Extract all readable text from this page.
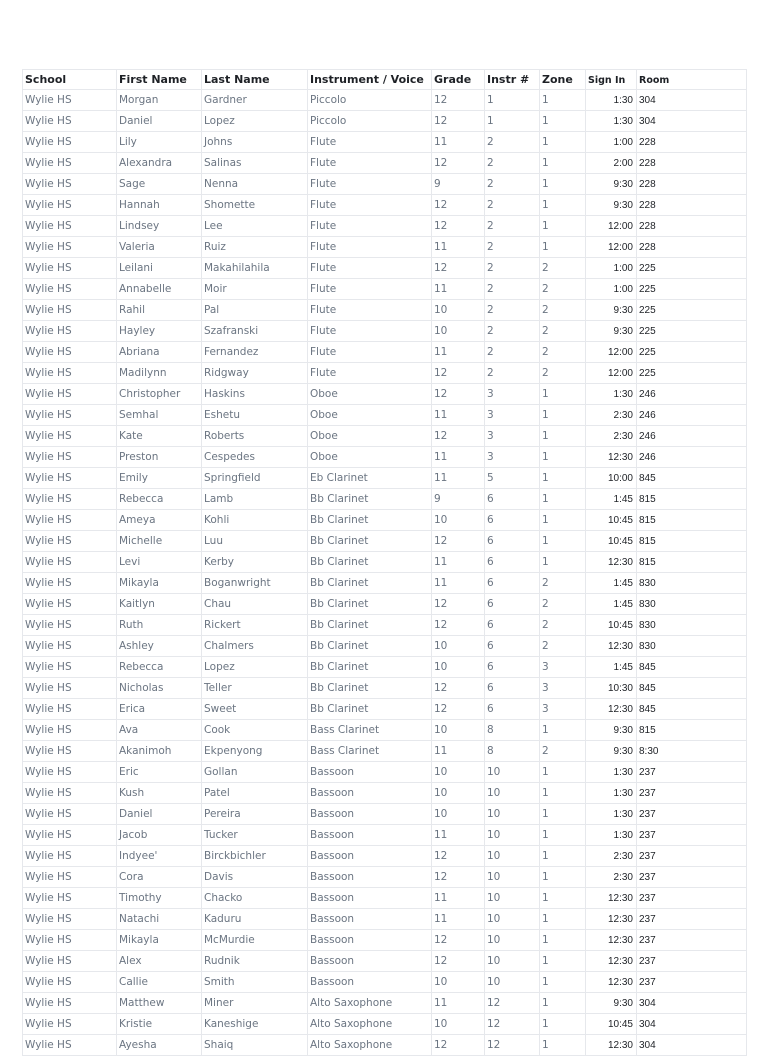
School	First Name	Last Name	Instrument / Voice	Grade	Instr #	Zone	Sign In	Room
Wylie HS	Morgan	Gardner	Piccolo	12	1	1	1:30	304
Wylie HS	Daniel	Lopez	Piccolo	12	1	1	1:30	304
Wylie HS	Lily	Johns	Flute	11	2	1	1:00	228
Wylie HS	Alexandra	Salinas	Flute	12	2	1	2:00	228
Wylie HS	Sage	Nenna	Flute	9	2	1	9:30	228
Wylie HS	Hannah	Shomette	Flute	12	2	1	9:30	228
Wylie HS	Lindsey	Lee	Flute	12	2	1	12:00	228
Wylie HS	Valeria	Ruiz	Flute	11	2	1	12:00	228
Wylie HS	Leilani	Makahilahila	Flute	12	2	2	1:00	225
Wylie HS	Annabelle	Moir	Flute	11	2	2	1:00	225
Wylie HS	Rahil	Pal	Flute	10	2	2	9:30	225
Wylie HS	Hayley	Szafranski	Flute	10	2	2	9:30	225
Wylie HS	Abriana	Fernandez	Flute	11	2	2	12:00	225
Wylie HS	Madilynn	Ridgway	Flute	12	2	2	12:00	225
Wylie HS	Christopher	Haskins	Oboe	12	3	1	1:30	246
Wylie HS	Semhal	Eshetu	Oboe	11	3	1	2:30	246
Wylie HS	Kate	Roberts	Oboe	12	3	1	2:30	246
Wylie HS	Preston	Cespedes	Oboe	11	3	1	12:30	246
Wylie HS	Emily	Springfield	Eb Clarinet	11	5	1	10:00	845
Wylie HS	Rebecca	Lamb	Bb Clarinet	9	6	1	1:45	815
Wylie HS	Ameya	Kohli	Bb Clarinet	10	6	1	10:45	815
Wylie HS	Michelle	Luu	Bb Clarinet	12	6	1	10:45	815
Wylie HS	Levi	Kerby	Bb Clarinet	11	6	1	12:30	815
Wylie HS	Mikayla	Boganwright	Bb Clarinet	11	6	2	1:45	830
Wylie HS	Kaitlyn	Chau	Bb Clarinet	12	6	2	1:45	830
Wylie HS	Ruth	Rickert	Bb Clarinet	12	6	2	10:45	830
Wylie HS	Ashley	Chalmers	Bb Clarinet	10	6	2	12:30	830
Wylie HS	Rebecca	Lopez	Bb Clarinet	10	6	3	1:45	845
Wylie HS	Nicholas	Teller	Bb Clarinet	12	6	3	10:30	845
Wylie HS	Erica	Sweet	Bb Clarinet	12	6	3	12:30	845
Wylie HS	Ava	Cook	Bass Clarinet	10	8	1	9:30	815
Wylie HS	Akanimoh	Ekpenyong	Bass Clarinet	11	8	2	9:30	8:30
Wylie HS	Eric	Gollan	Bassoon	10	10	1	1:30	237
Wylie HS	Kush	Patel	Bassoon	10	10	1	1:30	237
Wylie HS	Daniel	Pereira	Bassoon	10	10	1	1:30	237
Wylie HS	Jacob	Tucker	Bassoon	11	10	1	1:30	237
Wylie HS	Indyee'	Birckbichler	Bassoon	12	10	1	2:30	237
Wylie HS	Cora	Davis	Bassoon	12	10	1	2:30	237
Wylie HS	Timothy	Chacko	Bassoon	11	10	1	12:30	237
Wylie HS	Natachi	Kaduru	Bassoon	11	10	1	12:30	237
Wylie HS	Mikayla	McMurdie	Bassoon	12	10	1	12:30	237
Wylie HS	Alex	Rudnik	Bassoon	12	10	1	12:30	237
Wylie HS	Callie	Smith	Bassoon	10	10	1	12:30	237
Wylie HS	Matthew	Miner	Alto Saxophone	11	12	1	9:30	304
Wylie HS	Kristie	Kaneshige	Alto Saxophone	10	12	1	10:45	304
Wylie HS	Ayesha	Shaiq	Alto Saxophone	12	12	1	12:30	304
